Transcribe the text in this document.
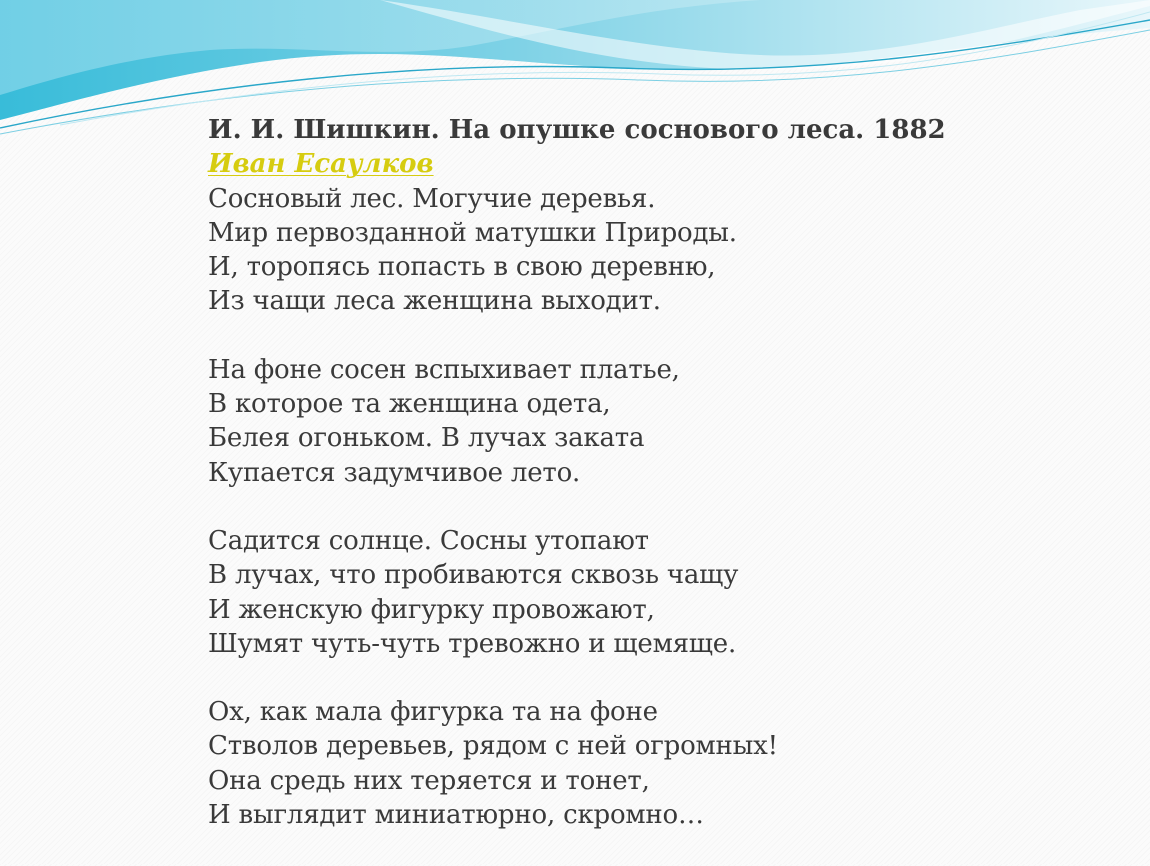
И. И. Шишкин. На опушке соснового леса. 1882
Иван Есаулков
Сосновый лес. Могучие деревья.
Мир первозданной матушки Природы.
И, торопясь попасть в свою деревню,
Из чащи леса женщина выходит.
На фоне сосен вспыхивает платье,
В которое та женщина одета,
Белея огоньком. В лучах заката
Купается задумчивое лето.
Садится солнце. Сосны утопают
В лучах, что пробиваются сквозь чащу
И женскую фигурку провожают,
Шумят чуть-чуть тревожно и щемяще.
Ох, как мала фигурка та на фоне
Стволов деревьев, рядом с ней огромных!
Она средь них теряется и тонет,
И выглядит миниатюрно, скромно…
